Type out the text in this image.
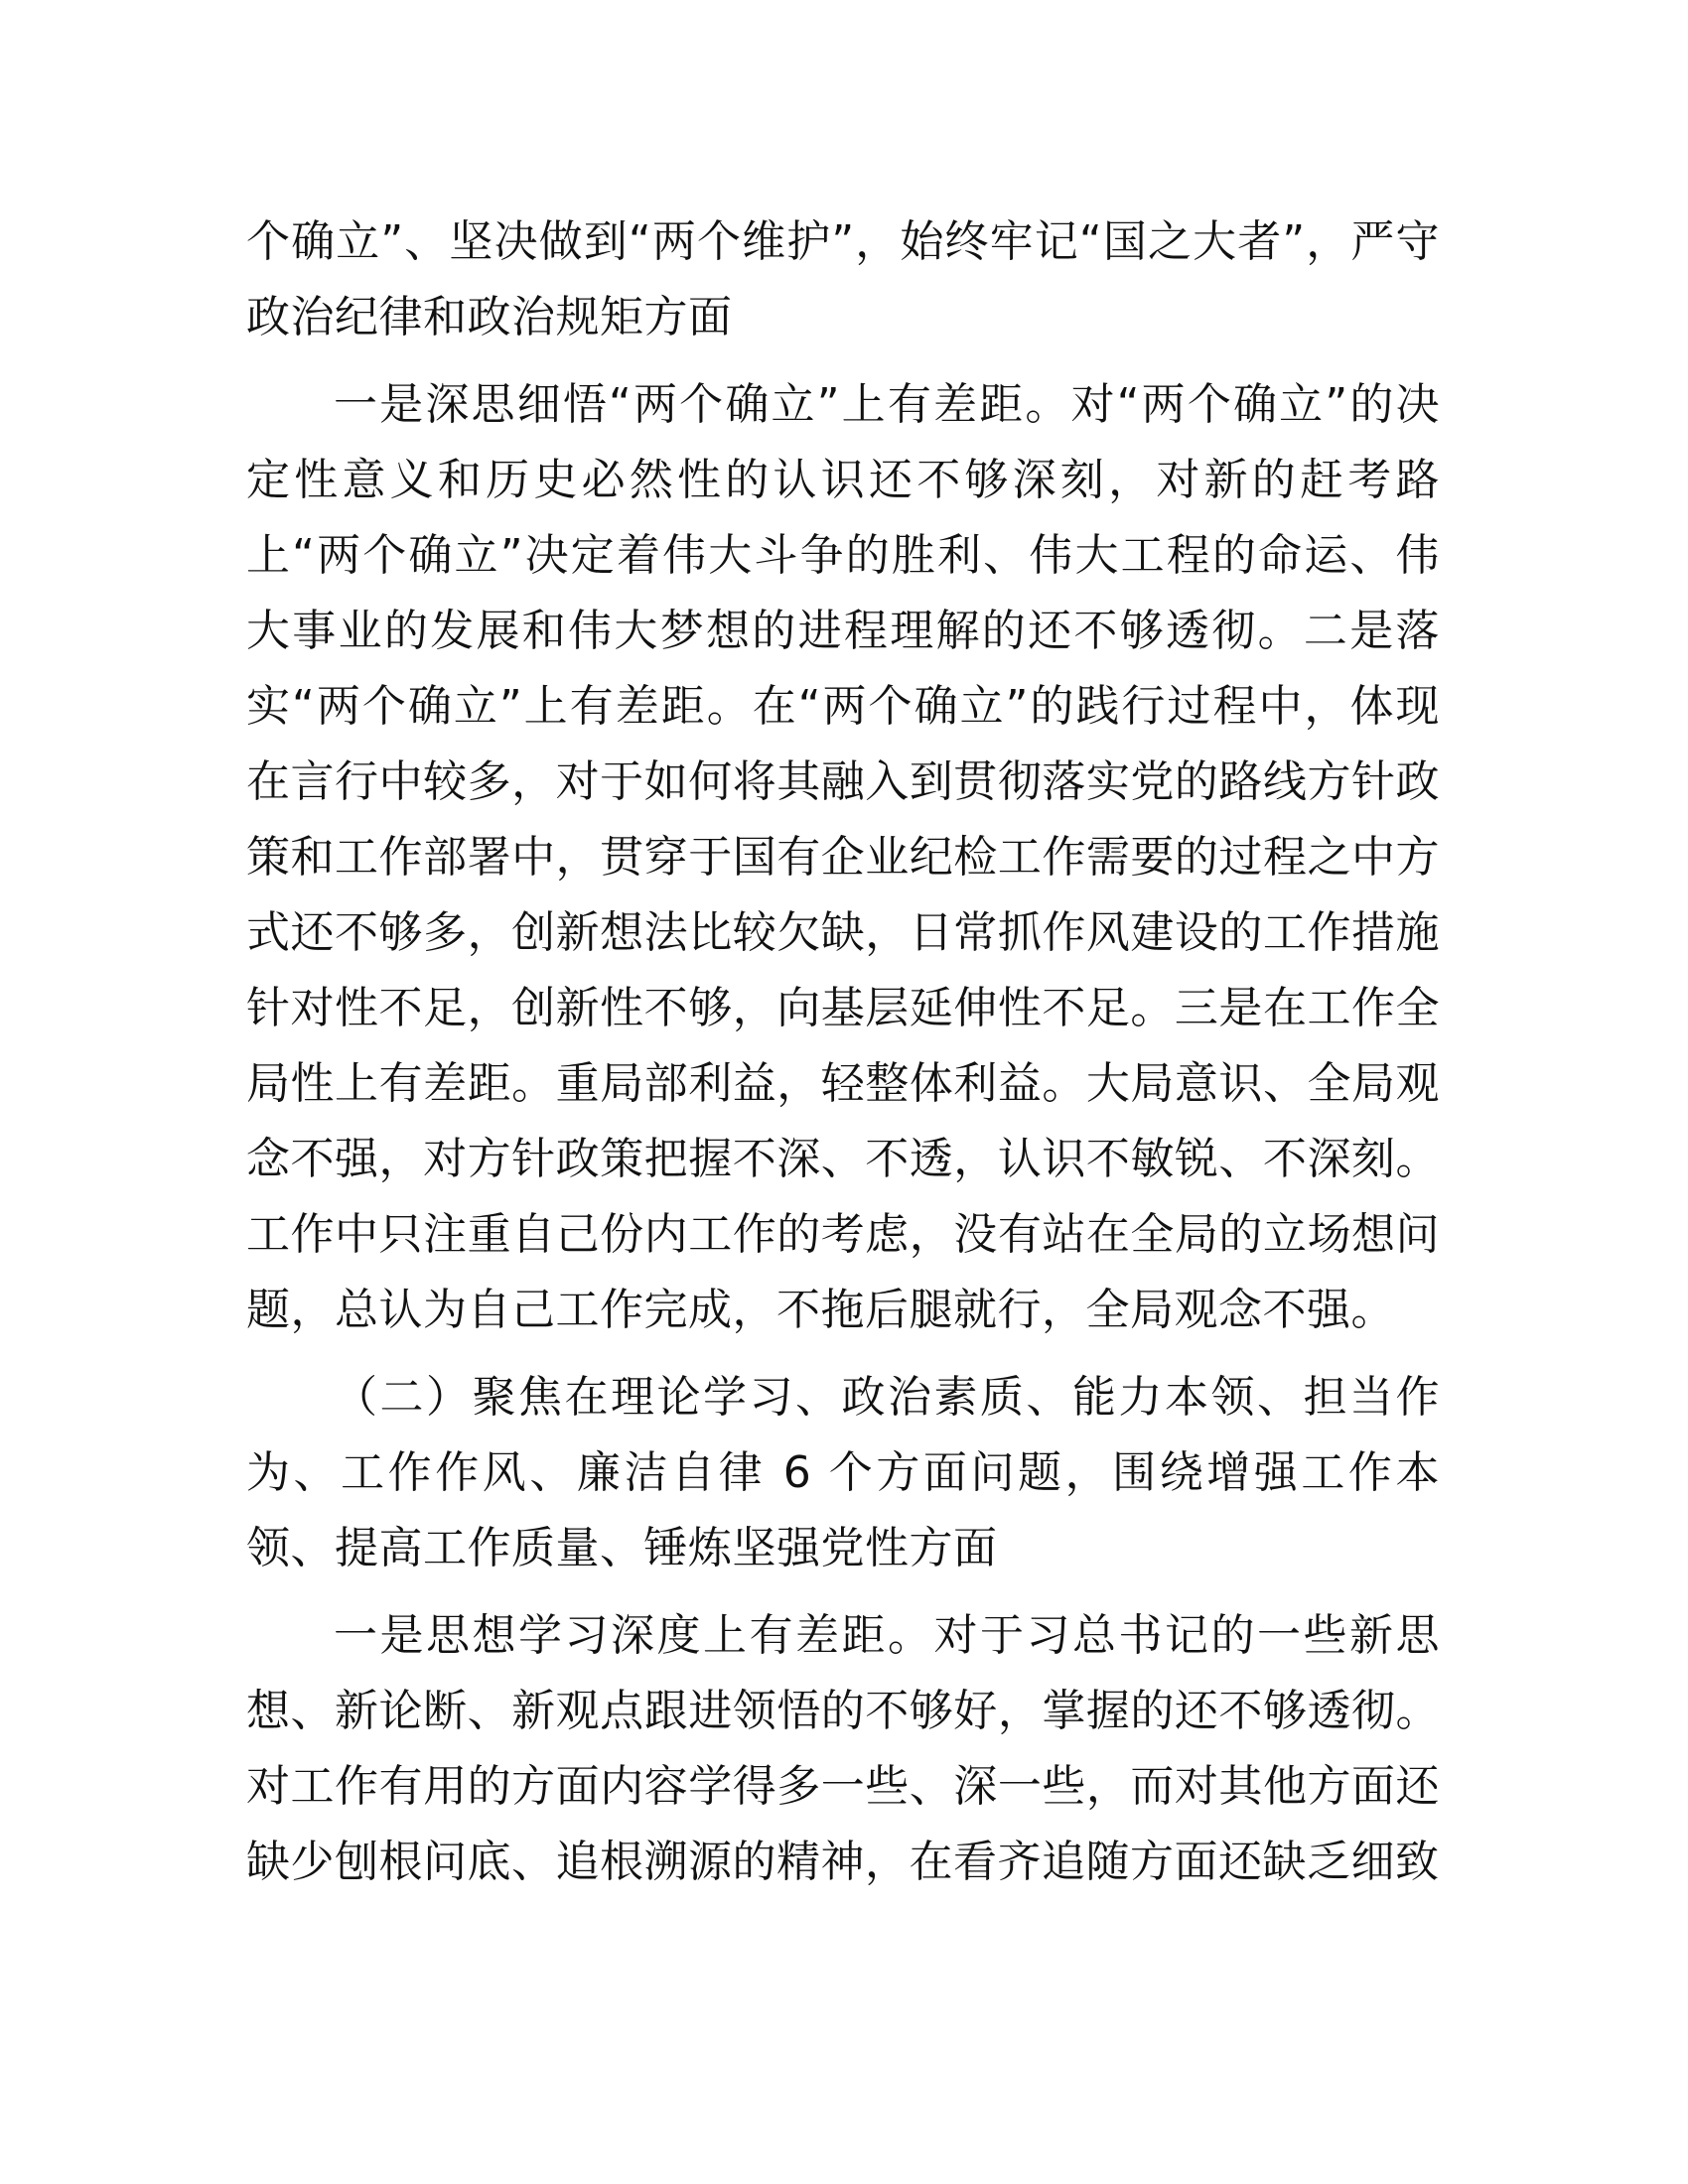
个确立”、坚决做到“两个维护”，始终牢记“国之大者”，严守政治纪律和政治规矩方面

一是深思细悟“两个确立”上有差距。对“两个确立”的决定性意义和历史必然性的认识还不够深刻，对新的赶考路上“两个确立”决定着伟大斗争的胜利、伟大工程的命运、伟大事业的发展和伟大梦想的进程理解的还不够透彻。二是落实“两个确立”上有差距。在“两个确立”的践行过程中，体现在言行中较多，对于如何将其融入到贯彻落实党的路线方针政策和工作部署中，贯穿于国有企业纪检工作需要的过程之中方式还不够多，创新想法比较欠缺，日常抓作风建设的工作措施针对性不足，创新性不够，向基层延伸性不足。三是在工作全局性上有差距。重局部利益，轻整体利益。大局意识、全局观念不强，对方针政策把握不深、不透，认识不敏锐、不深刻。工作中只注重自己份内工作的考虑，没有站在全局的立场想问题，总认为自己工作完成，不拖后腿就行，全局观念不强。

（二）聚焦在理论学习、政治素质、能力本领、担当作为、工作作风、廉洁自律 6 个方面问题，围绕增强工作本领、提高工作质量、锤炼坚强党性方面

一是思想学习深度上有差距。对于习总书记的一些新思想、新论断、新观点跟进领悟的不够好，掌握的还不够透彻。对工作有用的方面内容学得多一些、深一些，而对其他方面还缺少刨根问底、追根溯源的精神，在看齐追随方面还缺乏细致
